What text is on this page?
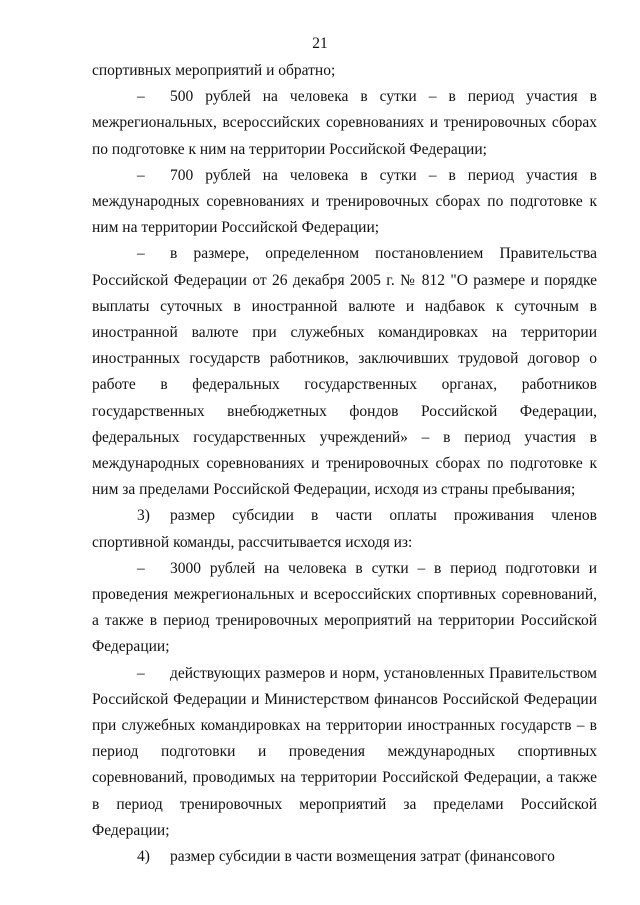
21

спортивных мероприятий и обратно;

– 500 рублей на человека в сутки – в период участия в межрегиональных, всероссийских соревнованиях и тренировочных сборах по подготовке к ним на территории Российской Федерации;

– 700 рублей на человека в сутки – в период участия в международных соревнованиях и тренировочных сборах по подготовке к ним на территории Российской Федерации;

– в размере, определенном постановлением Правительства Российской Федерации от 26 декабря 2005 г. № 812 "О размере и порядке выплаты суточных в иностранной валюте и надбавок к суточным в иностранной валюте при служебных командировках на территории иностранных государств работников, заключивших трудовой договор о работе в федеральных государственных органах, работников государственных внебюджетных фондов Российской Федерации, федеральных государственных учреждений» – в период участия в международных соревнованиях и тренировочных сборах по подготовке к ним за пределами Российской Федерации, исходя из страны пребывания;

3) размер субсидии в части оплаты проживания членов спортивной команды, рассчитывается исходя из:

– 3000 рублей на человека в сутки – в период подготовки и проведения межрегиональных и всероссийских спортивных соревнований, а также в период тренировочных мероприятий на территории Российской Федерации;

– действующих размеров и норм, установленных Правительством Российской Федерации и Министерством финансов Российской Федерации при служебных командировках на территории иностранных государств – в период подготовки и проведения международных спортивных соревнований, проводимых на территории Российской Федерации, а также в период тренировочных мероприятий за пределами Российской Федерации;

4) размер субсидии в части возмещения затрат (финансового
